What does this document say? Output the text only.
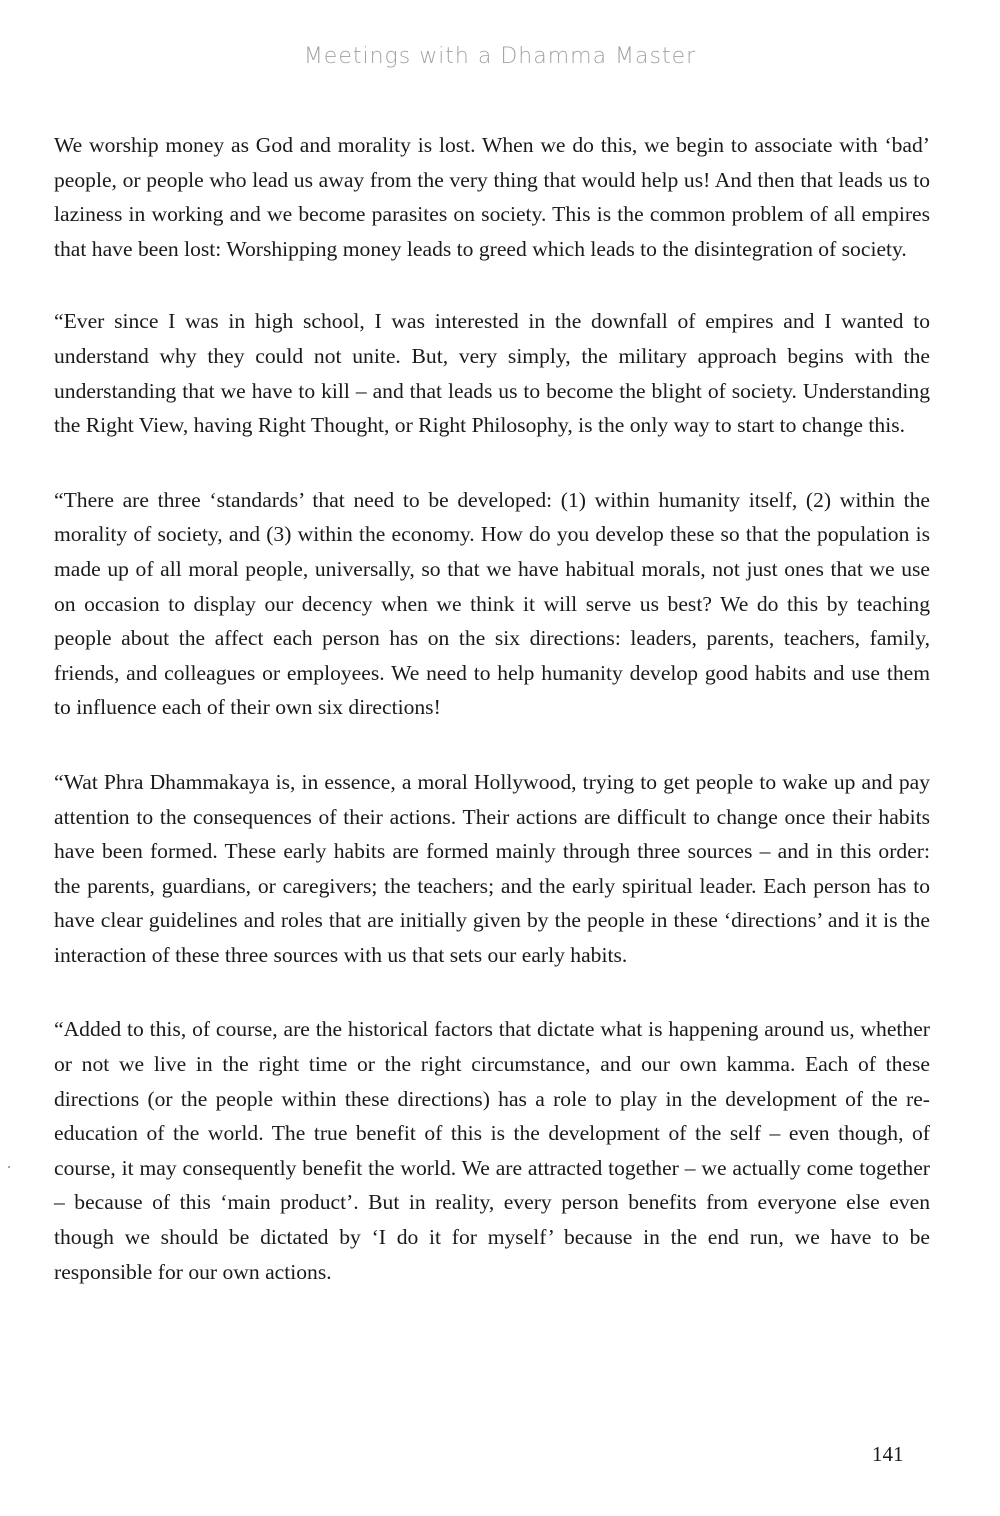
Meetings with a Dhamma Master

We worship money as God and morality is lost. When we do this, we begin to associate with ‘bad’ people, or people who lead us away from the very thing that would help us! And then that leads us to laziness in working and we become parasites on society. This is the common problem of all empires that have been lost: Worshipping money leads to greed which leads to the disintegration of society.

“Ever since I was in high school, I was interested in the downfall of empires and I wanted to understand why they could not unite. But, very simply, the military approach begins with the understanding that we have to kill – and that leads us to become the blight of society. Understanding the Right View, having Right Thought, or Right Philosophy, is the only way to start to change this.

“There are three ‘standards’ that need to be developed: (1) within humanity itself, (2) within the morality of society, and (3) within the economy. How do you develop these so that the population is made up of all moral people, universally, so that we have habitual morals, not just ones that we use on occasion to display our decency when we think it will serve us best? We do this by teaching people about the affect each person has on the six directions: leaders, parents, teachers, family, friends, and colleagues or employees. We need to help humanity develop good habits and use them to influence each of their own six directions!

“Wat Phra Dhammakaya is, in essence, a moral Hollywood, trying to get people to wake up and pay attention to the consequences of their actions. Their actions are difficult to change once their habits have been formed. These early habits are formed mainly through three sources – and in this order: the parents, guardians, or caregivers; the teachers; and the early spiritual leader. Each person has to have clear guidelines and roles that are initially given by the people in these ‘directions’ and it is the interaction of these three sources with us that sets our early habits.

“Added to this, of course, are the historical factors that dictate what is happening around us, whether or not we live in the right time or the right circumstance, and our own kamma. Each of these directions (or the people within these directions) has a role to play in the development of the re-education of the world. The true benefit of this is the development of the self – even though, of course, it may consequently benefit the world. We are attracted together – we actually come together – because of this ‘main product’. But in reality, every person benefits from everyone else even though we should be dictated by ‘I do it for myself’ because in the end run, we have to be responsible for our own actions.

141
